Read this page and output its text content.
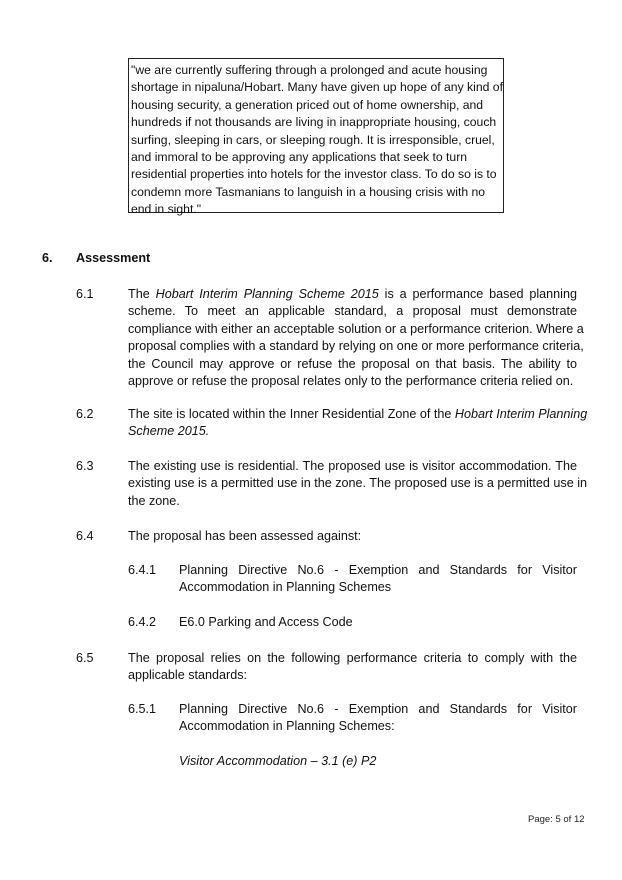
"we are currently suffering through a prolonged and acute housing
shortage in nipaluna/Hobart. Many have given up hope of any kind of
housing security, a generation priced out of home ownership, and
hundreds if not thousands are living in inappropriate housing, couch
surfing, sleeping in cars, or sleeping rough. It is irresponsible, cruel,
and immoral to be approving any applications that seek to turn
residential properties into hotels for the investor class. To do so is to
condemn more Tasmanians to languish in a housing crisis with no
end in sight."
6. Assessment
6.1	The Hobart Interim Planning Scheme 2015 is a performance based planning
scheme. To meet an applicable standard, a proposal must demonstrate
compliance with either an acceptable solution or a performance criterion. Where a
proposal complies with a standard by relying on one or more performance criteria,
the Council may approve or refuse the proposal on that basis. The ability to
approve or refuse the proposal relates only to the performance criteria relied on.
6.2	The site is located within the Inner Residential Zone of the Hobart Interim Planning
Scheme 2015.
6.3	The existing use is residential. The proposed use is visitor accommodation. The
existing use is a permitted use in the zone. The proposed use is a permitted use in
the zone.
6.4	The proposal has been assessed against:
6.4.1 Planning Directive No.6 - Exemption and Standards for Visitor
Accommodation in Planning Schemes
6.4.2 E6.0 Parking and Access Code
6.5	The proposal relies on the following performance criteria to comply with the
applicable standards:
6.5.1 Planning Directive No.6 - Exemption and Standards for Visitor
Accommodation in Planning Schemes:
Visitor Accommodation – 3.1 (e) P2
Page: 5 of 12
